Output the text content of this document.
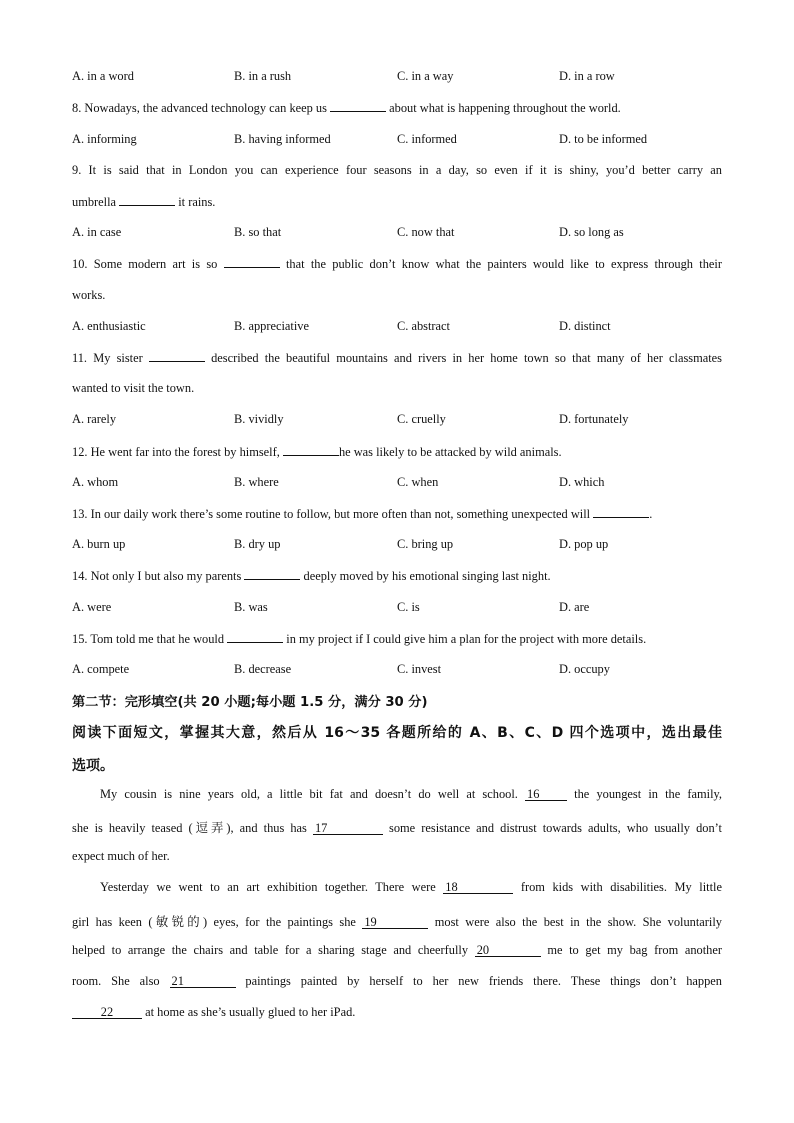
A. in a word	B. in a rush	C. in a way	D. in a row
8. Nowadays, the advanced technology can keep us	about what is happening throughout the world.
A. informing	B. having informed	C. informed	D. to be informed
9. It is said that in London you can experience four seasons in a day, so even if it is shiny, you’d better carry an
umbrella	it rains.
A. in case	B. so that	C. now that	D. so long as
10. Some modern art is so	that the public don’t know what the painters would like to express through their
works.
A. enthusiastic	B. appreciative	C. abstract	D. distinct
11. My sister	described the beautiful mountains and rivers in her home town so that many of her classmates
wanted to visit the town.
A. rarely	B. vividly	C. cruelly	D. fortunately
12. He went far into the forest by himself,	he was likely to be attacked by wild animals.
A. whom	B. where	C. when	D. which
13. In our daily work there’s some routine to follow, but more often than not, something unexpected will	.
A. burn up	B. dry up	C. bring up	D. pop up
14. Not only I but also my parents	deeply moved by his emotional singing last night.
A. were	B. was	C. is	D. are
15. Tom told me that he would	in my project if I could give him a plan for the project with more details.
A. compete	B. decrease	C. invest	D. occupy
第二节：完形填空(共 20 小题;每小题 1.5 分，满分 30 分)
阅读下面短文，掌握其大意，然后从 16～35 各题所给的 A、B、C、D 四个选项中，选出最佳
选项。
My cousin is nine years old, a little bit fat and doesn’t do well at school. 16 the youngest in the family,
she is heavily teased (逗弄), and thus has 17	some resistance and distrust towards adults, who usually don’t
expect much of her.
Yesterday we went to an art exhibition together. There were 18	from kids with disabilities. My little
girl has keen (敏锐的) eyes, for the paintings she 19	most were also the best in the show. She voluntarily
helped to arrange the chairs and table for a sharing stage and cheerfully 20	me to get my bag from another
room. She also 21	paintings painted by herself to her new friends there. These things don’t happen
22 at home as she’s usually glued to her iPad.
